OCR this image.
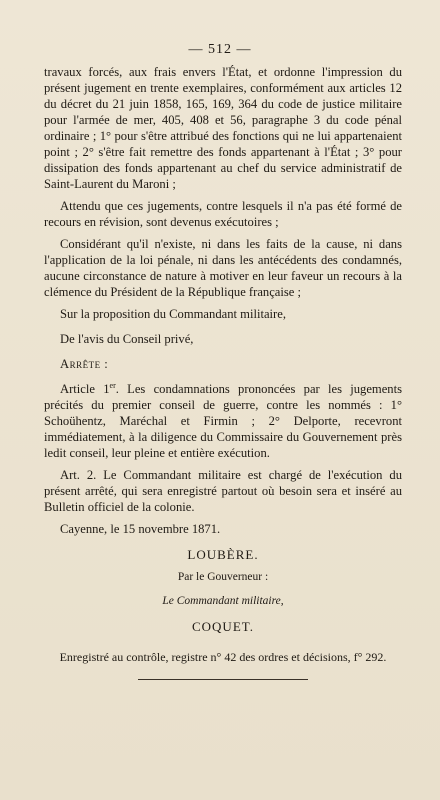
— 512 —

travaux forcés, aux frais envers l'État, et ordonne l'impression du présent jugement en trente exemplaires, conformément aux articles 12 du décret du 21 juin 1858, 165, 169, 364 du code de justice militaire pour l'armée de mer, 405, 408 et 56, paragraphe 3 du code pénal ordinaire ; 1° pour s'être attribué des fonctions qui ne lui appartenaient point ; 2° s'être fait remettre des fonds appartenant à l'État ; 3° pour dissipation des fonds appartenant au chef du service administratif de Saint-Laurent du Maroni ;

Attendu que ces jugements, contre lesquels il n'a pas été formé de recours en révision, sont devenus exécutoires ;

Considérant qu'il n'existe, ni dans les faits de la cause, ni dans l'application de la loi pénale, ni dans les antécédents des condamnés, aucune circonstance de nature à motiver en leur faveur un recours à la clémence du Président de la République française ;

Sur la proposition du Commandant militaire,

De l'avis du Conseil privé,

Arrête :

Article 1er. Les condamnations prononcées par les jugements précités du premier conseil de guerre, contre les nommés : 1° Schoühentz, Maréchal et Firmin ; 2° Delporte, recevront immédiatement, à la diligence du Commissaire du Gouvernement près ledit conseil, leur pleine et entière exécution.

Art. 2. Le Commandant militaire est chargé de l'exécution du présent arrêté, qui sera enregistré partout où besoin sera et inséré au Bulletin officiel de la colonie.

Cayenne, le 15 novembre 1871.

LOUBÈRE.
Par le Gouverneur :
Le Commandant militaire,
COQUET.
Enregistré au contrôle, registre n° 42 des ordres et décisions, f° 292.
